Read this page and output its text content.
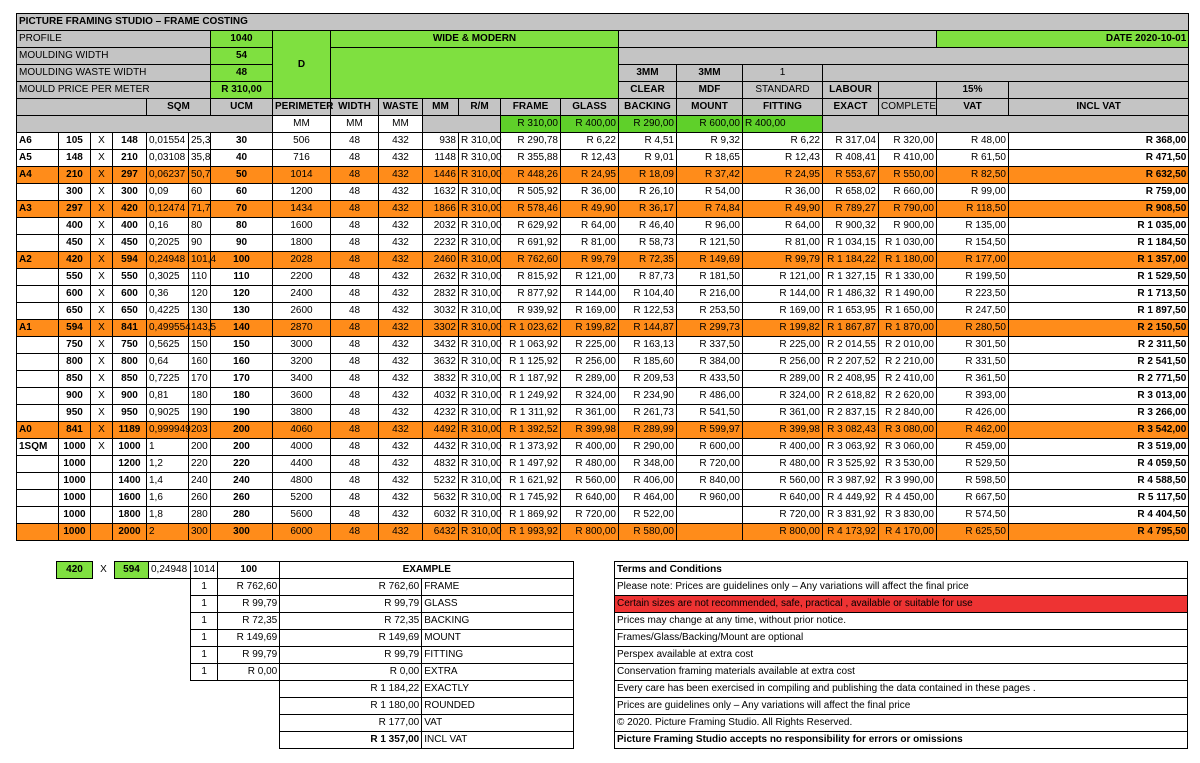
PICTURE FRAMING STUDIO – FRAME COSTING																				
PROFILE						1040	D	WIDE & MODERN											DATE 2020-10-01	
MOULDING WIDTH						54														
MOULDING WASTE WIDTH						48								3MM	3MM	1				
MOULD PRICE PER METER						R 310,00								CLEAR	MDF	STANDARD	LABOUR		15%	
				SQM		UCM	PERIMETER	WIDTH	WASTE	MM	R/M	FRAME	GLASS	BACKING	MOUNT	FITTING	EXACT	COMPLETE	VAT	INCL VAT
							MM	MM	MM			R 310,00	R 400,00	R 290,00	R 600,00	R 400,00				
A6	105	X	148	0,01554	25,3	30	506	48	432	938	R 310,00	R 290,78	R 6,22	R 4,51	R 9,32	R 6,22	R 317,04	R 320,00	R 48,00	R 368,00
A5	148	X	210	0,03108	35,8	40	716	48	432	1148	R 310,00	R 355,88	R 12,43	R 9,01	R 18,65	R 12,43	R 408,41	R 410,00	R 61,50	R 471,50
A4	210	X	297	0,06237	50,7	50	1014	48	432	1446	R 310,00	R 448,26	R 24,95	R 18,09	R 37,42	R 24,95	R 553,67	R 550,00	R 82,50	R 632,50
	300	X	300	0,09	60	60	1200	48	432	1632	R 310,00	R 505,92	R 36,00	R 26,10	R 54,00	R 36,00	R 658,02	R 660,00	R 99,00	R 759,00
A3	297	X	420	0,12474	71,7	70	1434	48	432	1866	R 310,00	R 578,46	R 49,90	R 36,17	R 74,84	R 49,90	R 789,27	R 790,00	R 118,50	R 908,50
	400	X	400	0,16	80	80	1600	48	432	2032	R 310,00	R 629,92	R 64,00	R 46,40	R 96,00	R 64,00	R 900,32	R 900,00	R 135,00	R 1 035,00
	450	X	450	0,2025	90	90	1800	48	432	2232	R 310,00	R 691,92	R 81,00	R 58,73	R 121,50	R 81,00	R 1 034,15	R 1 030,00	R 154,50	R 1 184,50
A2	420	X	594	0,24948	101,4	100	2028	48	432	2460	R 310,00	R 762,60	R 99,79	R 72,35	R 149,69	R 99,79	R 1 184,22	R 1 180,00	R 177,00	R 1 357,00
	550	X	550	0,3025	110	110	2200	48	432	2632	R 310,00	R 815,92	R 121,00	R 87,73	R 181,50	R 121,00	R 1 327,15	R 1 330,00	R 199,50	R 1 529,50
	600	X	600	0,36	120	120	2400	48	432	2832	R 310,00	R 877,92	R 144,00	R 104,40	R 216,00	R 144,00	R 1 486,32	R 1 490,00	R 223,50	R 1 713,50
	650	X	650	0,4225	130	130	2600	48	432	3032	R 310,00	R 939,92	R 169,00	R 122,53	R 253,50	R 169,00	R 1 653,95	R 1 650,00	R 247,50	R 1 897,50
A1	594	X	841	0,499554	143,5	140	2870	48	432	3302	R 310,00	R 1 023,62	R 199,82	R 144,87	R 299,73	R 199,82	R 1 867,87	R 1 870,00	R 280,50	R 2 150,50
	750	X	750	0,5625	150	150	3000	48	432	3432	R 310,00	R 1 063,92	R 225,00	R 163,13	R 337,50	R 225,00	R 2 014,55	R 2 010,00	R 301,50	R 2 311,50
	800	X	800	0,64	160	160	3200	48	432	3632	R 310,00	R 1 125,92	R 256,00	R 185,60	R 384,00	R 256,00	R 2 207,52	R 2 210,00	R 331,50	R 2 541,50
	850	X	850	0,7225	170	170	3400	48	432	3832	R 310,00	R 1 187,92	R 289,00	R 209,53	R 433,50	R 289,00	R 2 408,95	R 2 410,00	R 361,50	R 2 771,50
	900	X	900	0,81	180	180	3600	48	432	4032	R 310,00	R 1 249,92	R 324,00	R 234,90	R 486,00	R 324,00	R 2 618,82	R 2 620,00	R 393,00	R 3 013,00
	950	X	950	0,9025	190	190	3800	48	432	4232	R 310,00	R 1 311,92	R 361,00	R 261,73	R 541,50	R 361,00	R 2 837,15	R 2 840,00	R 426,00	R 3 266,00
A0	841	X	1189	0,999949	203	200	4060	48	432	4492	R 310,00	R 1 392,52	R 399,98	R 289,99	R 599,97	R 399,98	R 3 082,43	R 3 080,00	R 462,00	R 3 542,00
1SQM	1000	X	1000	1	200	200	4000	48	432	4432	R 310,00	R 1 373,92	R 400,00	R 290,00	R 600,00	R 400,00	R 3 063,92	R 3 060,00	R 459,00	R 3 519,00
	1000		1200	1,2	220	220	4400	48	432	4832	R 310,00	R 1 497,92	R 480,00	R 348,00	R 720,00	R 480,00	R 3 525,92	R 3 530,00	R 529,50	R 4 059,50
	1000		1400	1,4	240	240	4800	48	432	5232	R 310,00	R 1 621,92	R 560,00	R 406,00	R 840,00	R 560,00	R 3 987,92	R 3 990,00	R 598,50	R 4 588,50
	1000		1600	1,6	260	260	5200	48	432	5632	R 310,00	R 1 745,92	R 640,00	R 464,00	R 960,00	R 640,00	R 4 449,92	R 4 450,00	R 667,50	R 5 117,50
	1000		1800	1,8	280	280	5600	48	432	6032	R 310,00	R 1 869,92	R 720,00	R 522,00		R 720,00	R 3 831,92	R 3 830,00	R 574,50	R 4 404,50
	1000		2000	2	300	300	6000	48	432	6432	R 310,00	R 1 993,92	R 800,00	R 580,00		R 800,00	R 4 173,92	R 4 170,00	R 625,50	R 4 795,50
420	X	594	0,24948	1014	100	EXAMPLE	
				1	R 762,60	R 762,60	FRAME
				1	R 99,79	R 99,79	GLASS
				1	R 72,35	R 72,35	BACKING
				1	R 149,69	R 149,69	MOUNT
				1	R 99,79	R 99,79	FITTING
				1	R 0,00	R 0,00	EXTRA
						R 1 184,22	EXACTLY
						R 1 180,00	ROUNDED
						R 177,00	VAT
						R 1 357,00	INCL VAT
Terms and Conditions
Please note: Prices are guidelines only – Any variations will affect the final price
Certain sizes are not recommended, safe, practical , available or suitable for use
Prices may change at any time, without prior notice.
Frames/Glass/Backing/Mount are optional
Perspex available at extra cost
Conservation framing materials available at extra cost
Every care has been exercised in compiling and publishing the data contained in these pages .
Prices are guidelines only – Any variations will affect the final price
© 2020. Picture Framing Studio. All Rights Reserved.
Picture Framing Studio accepts no responsibility for errors or omissions
